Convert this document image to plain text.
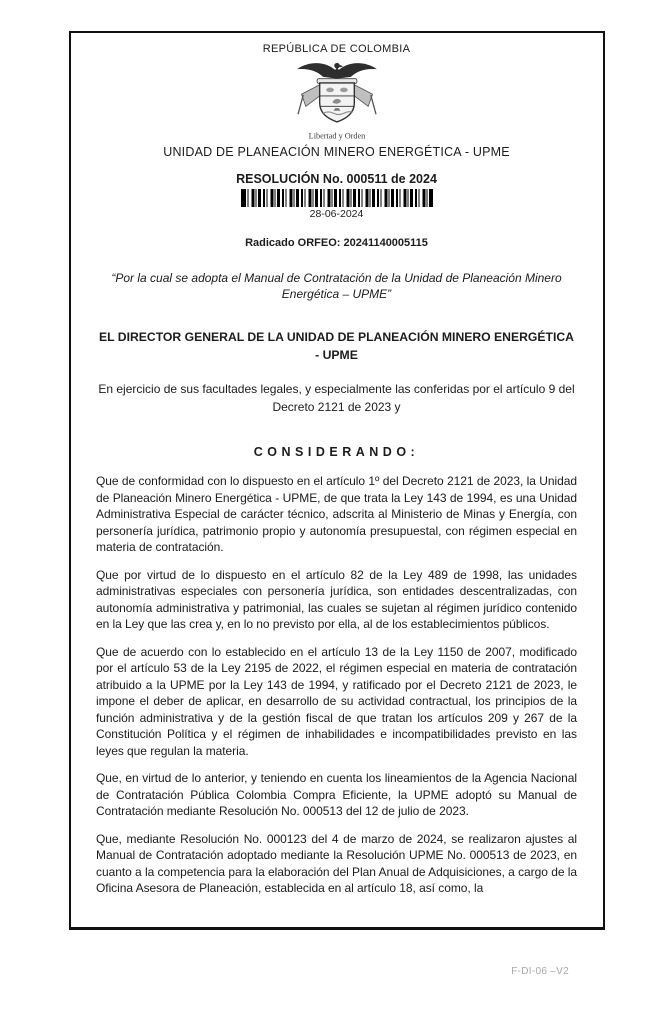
REPÚBLICA DE COLOMBIA
Libertad y Orden
UNIDAD DE PLANEACIÓN MINERO ENERGÉTICA - UPME
RESOLUCIÓN No. 000511 de 2024
28-06-2024
Radicado ORFEO: 20241140005115
“Por la cual se adopta el Manual de Contratación de la Unidad de Planeación Minero Energética – UPME”
EL DIRECTOR GENERAL DE LA UNIDAD DE PLANEACIÓN MINERO ENERGÉTICA - UPME
En ejercicio de sus facultades legales, y especialmente las conferidas por el artículo 9 del Decreto 2121 de 2023 y
CONSIDERANDO:

Que de conformidad con lo dispuesto en el artículo 1º del Decreto 2121 de 2023, la Unidad de Planeación Minero Energética - UPME, de que trata la Ley 143 de 1994, es una Unidad Administrativa Especial de carácter técnico, adscrita al Ministerio de Minas y Energía, con personería jurídica, patrimonio propio y autonomía presupuestal, con régimen especial en materia de contratación.

Que por virtud de lo dispuesto en el artículo 82 de la Ley 489 de 1998, las unidades administrativas especiales con personería jurídica, son entidades descentralizadas, con autonomía administrativa y patrimonial, las cuales se sujetan al régimen jurídico contenido en la Ley que las crea y, en lo no previsto por ella, al de los establecimientos públicos.

Que de acuerdo con lo establecido en el artículo 13 de la Ley 1150 de 2007, modificado por el artículo 53 de la Ley 2195 de 2022, el régimen especial en materia de contratación atribuido a la UPME por la Ley 143 de 1994, y ratificado por el Decreto 2121 de 2023, le impone el deber de aplicar, en desarrollo de su actividad contractual, los principios de la función administrativa y de la gestión fiscal de que tratan los artículos 209 y 267 de la Constitución Política y el régimen de inhabilidades e incompatibilidades previsto en las leyes que regulan la materia.

Que, en virtud de lo anterior, y teniendo en cuenta los lineamientos de la Agencia Nacional de Contratación Pública Colombia Compra Eficiente, la UPME adoptó su Manual de Contratación mediante Resolución No. 000513 del 12 de julio de 2023.

Que, mediante Resolución No. 000123 del 4 de marzo de 2024, se realizaron ajustes al Manual de Contratación adoptado mediante la Resolución UPME No. 000513 de 2023, en cuanto a la competencia para la elaboración del Plan Anual de Adquisiciones, a cargo de la Oficina Asesora de Planeación, establecida en al artículo 18, así como, la

F-DI-06 –V2
